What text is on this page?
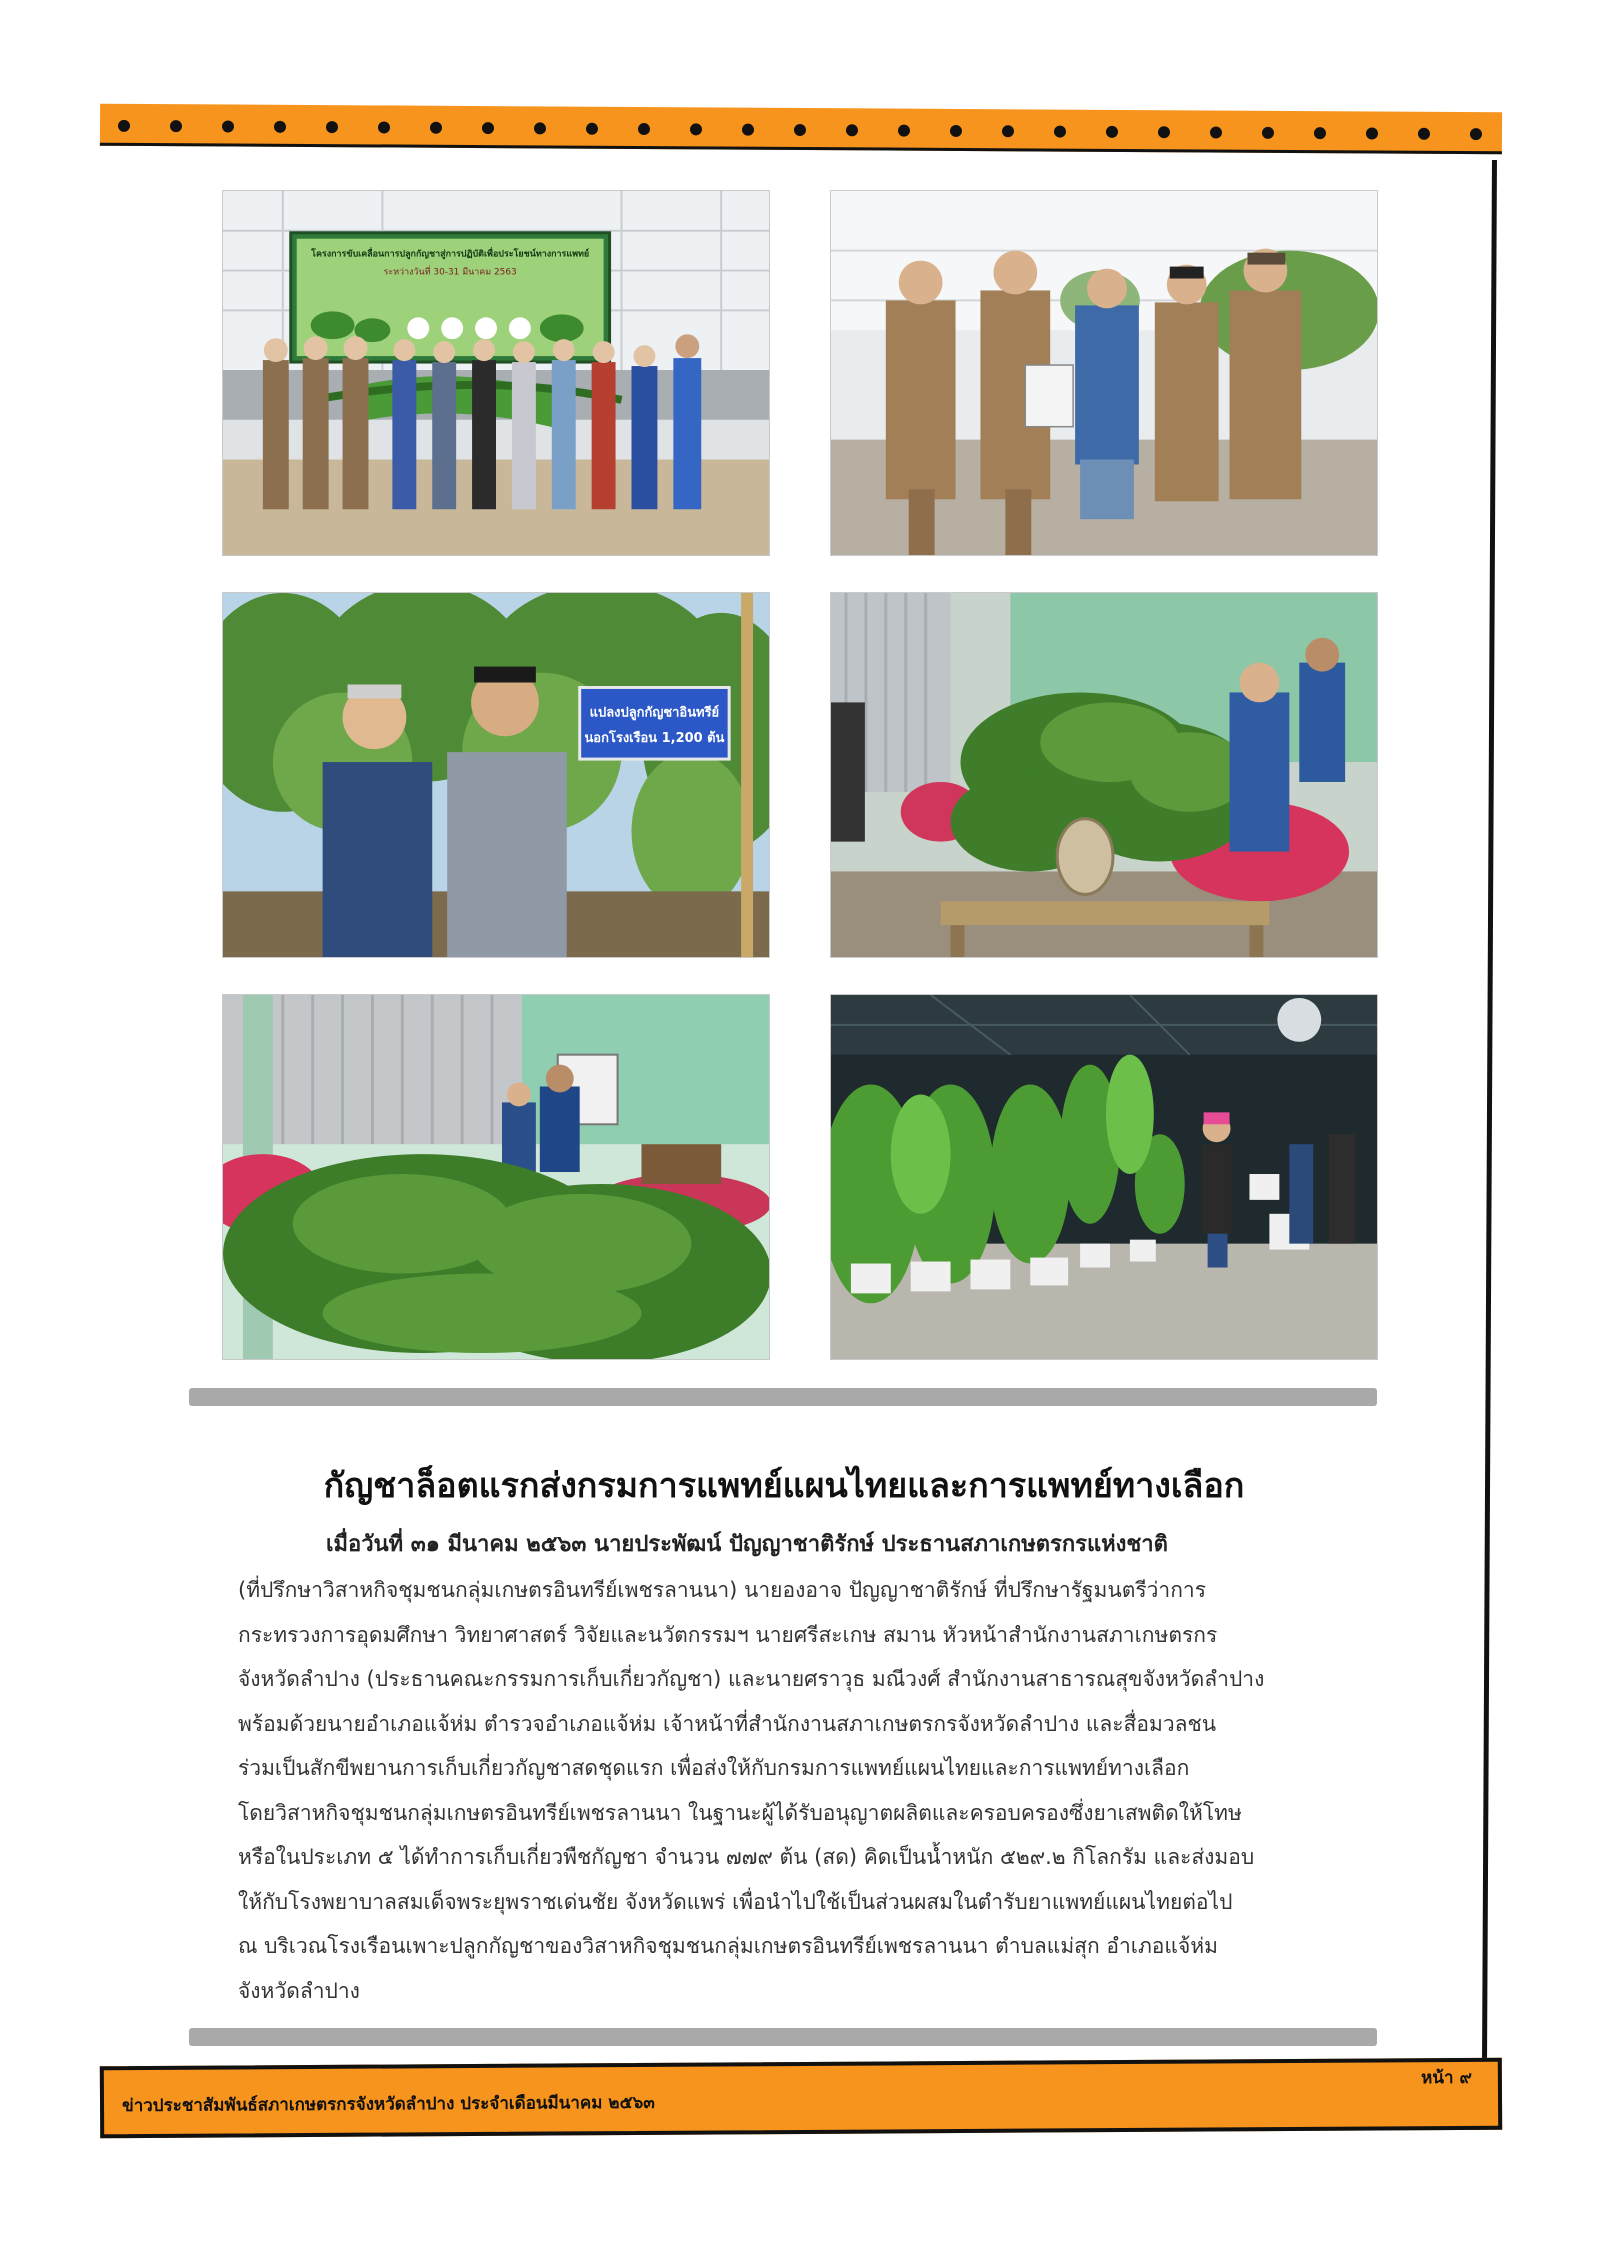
โครงการขับเคลื่อนการปลูกกัญชาสู่การปฏิบัติเพื่อประโยชน์ทางการแพทย์
ระหว่างวันที่ 30-31 มีนาคม 2563
แปลงปลูกกัญชาอินทรีย์
นอกโรงเรือน 1,200 ต้น
กัญชาล็อตแรกส่งกรมการแพทย์แผนไทยและการแพทย์ทางเลือก

เมื่อวันที่ ๓๑ มีนาคม ๒๕๖๓ นายประพัฒน์ ปัญญาชาติรักษ์ ประธานสภาเกษตรกรแห่งชาติ

(ที่ปรึกษาวิสาหกิจชุมชนกลุ่มเกษตรอินทรีย์เพชรลานนา) นายองอาจ ปัญญาชาติรักษ์ ที่ปรึกษารัฐมนตรีว่าการ
กระทรวงการอุดมศึกษา วิทยาศาสตร์ วิจัยและนวัตกรรมฯ นายศรีสะเกษ สมาน หัวหน้าสำนักงานสภาเกษตรกร
จังหวัดลำปาง (ประธานคณะกรรมการเก็บเกี่ยวกัญชา) และนายศราวุธ มณีวงศ์ สำนักงานสาธารณสุขจังหวัดลำปาง
พร้อมด้วยนายอำเภอแจ้ห่ม ตำรวจอำเภอแจ้ห่ม เจ้าหน้าที่สำนักงานสภาเกษตรกรจังหวัดลำปาง และสื่อมวลชน
ร่วมเป็นสักขีพยานการเก็บเกี่ยวกัญชาสดชุดแรก เพื่อส่งให้กับกรมการแพทย์แผนไทยและการแพทย์ทางเลือก
โดยวิสาหกิจชุมชนกลุ่มเกษตรอินทรีย์เพชรลานนา ในฐานะผู้ได้รับอนุญาตผลิตและครอบครองซึ่งยาเสพติดให้โทษ
หรือในประเภท ๕ ได้ทำการเก็บเกี่ยวพืชกัญชา จำนวน ๗๗๙ ต้น (สด) คิดเป็นน้ำหนัก ๕๒๙.๒ กิโลกรัม และส่งมอบ
ให้กับโรงพยาบาลสมเด็จพระยุพราชเด่นชัย จังหวัดแพร่ เพื่อนำไปใช้เป็นส่วนผสมในตำรับยาแพทย์แผนไทยต่อไป
ณ บริเวณโรงเรือนเพาะปลูกกัญชาของวิสาหกิจชุมชนกลุ่มเกษตรอินทรีย์เพชรลานนา ตำบลแม่สุก อำเภอแจ้ห่ม
จังหวัดลำปาง
ข่าวประชาสัมพันธ์สภาเกษตรกรจังหวัดลำปาง ประจำเดือนมีนาคม ๒๕๖๓
หน้า ๙
